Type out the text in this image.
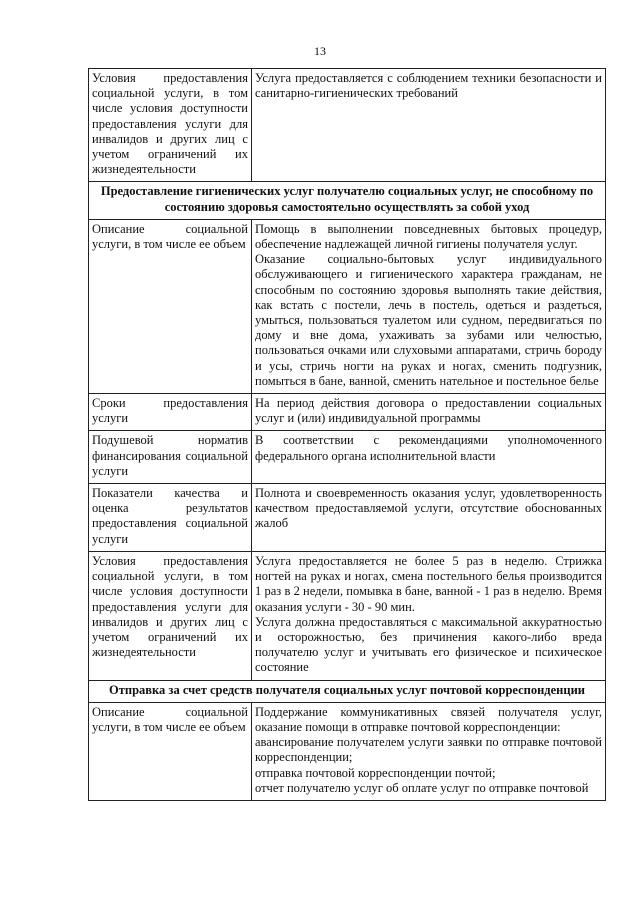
13
Условия предоставления социальной услуги, в том числе условия доступности предоставления услуги для инвалидов и других лиц с учетом ограничений их жизнедеятельности	Услуга предоставляется с соблюдением техники безопасности и санитарно-гигиенических требований

Предоставление гигиенических услуг получателю социальных услуг, не способному по состоянию здоровья самостоятельно осуществлять за собой уход	
Описание социальной услуги, в том числе ее объем	Помощь в выполнении повседневных бытовых процедур, обеспечение надлежащей личной гигиены получателя услуг.
Оказание социально-бытовых услуг индивидуального обслуживающего и гигиенического характера гражданам, не способным по состоянию здоровья выполнять такие действия, как встать с постели, лечь в постель, одеться и раздеться, умыться, пользоваться туалетом или судном, передвигаться по дому и вне дома, ухаживать за зубами или челюстью, пользоваться очками или слуховыми аппаратами, стричь бороду и усы, стричь ногти на руках и ногах, сменить подгузник, помыться в бане, ванной, сменить нательное и постельное белье

Сроки предоставления услуги	На период действия договора о предоставлении социальных услуг и (или) индивидуальной программы

Подушевой норматив финансирования социальной услуги	В соответствии с рекомендациями уполномоченного федерального органа исполнительной власти

Показатели качества и оценка результатов предоставления социальной услуги	Полнота и своевременность оказания услуг, удовлетворенность качеством предоставляемой услуги, отсутствие обоснованных жалоб

Условия предоставления социальной услуги, в том числе условия доступности предоставления услуги для инвалидов и других лиц с учетом ограничений их жизнедеятельности	Услуга предоставляется не более 5 раз в неделю. Стрижка ногтей на руках и ногах, смена постельного белья производится 1 раз в 2 недели, помывка в бане, ванной - 1 раз в неделю. Время оказания услуги - 30 - 90 мин.
Услуга должна предоставляться с максимальной аккуратностью и осторожностью, без причинения какого-либо вреда получателю услуг и учитывать его физическое и психическое состояние

Отправка за счет средств получателя социальных услуг почтовой корреспонденции	
Описание социальной услуги, в том числе ее объем	Поддержание коммуникативных связей получателя услуг, оказание помощи в отправке почтовой корреспонденции:
авансирование получателем услуги заявки по отправке почтовой корреспонденции;
отправка почтовой корреспонденции почтой;
отчет получателю услуг об оплате услуг по отправке почтовой
